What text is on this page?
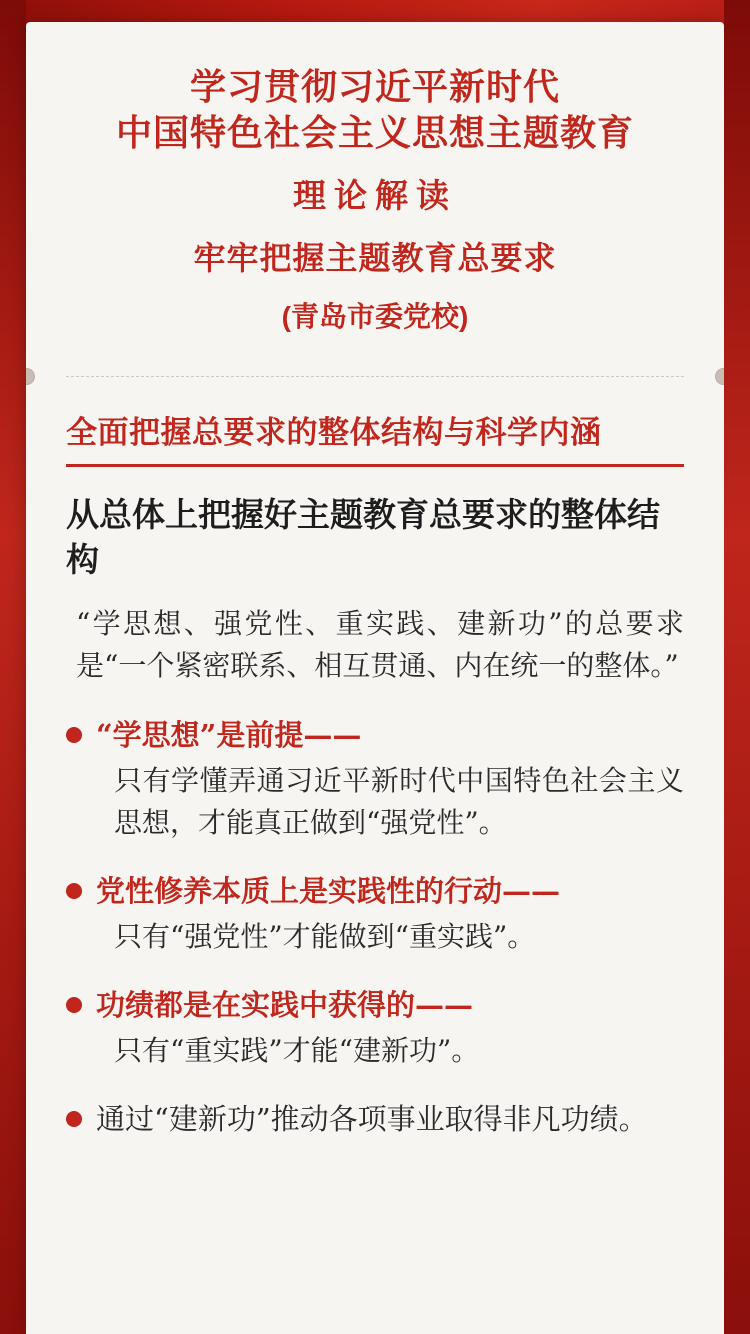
学习贯彻习近平新时代
中国特色社会主义思想主题教育
理论解读
牢牢把握主题教育总要求
(青岛市委党校)
全面把握总要求的整体结构与科学内涵
从总体上把握好主题教育总要求的整体结构
“学思想、强党性、重实践、建新功”的总要求是“一个紧密联系、相互贯通、内在统一的整体。”
“学思想”是前提——
只有学懂弄通习近平新时代中国特色社会主义思想，才能真正做到“强党性”。
党性修养本质上是实践性的行动——
只有“强党性”才能做到“重实践”。
功绩都是在实践中获得的——
只有“重实践”才能“建新功”。
通过“建新功”推动各项事业取得非凡功绩。
